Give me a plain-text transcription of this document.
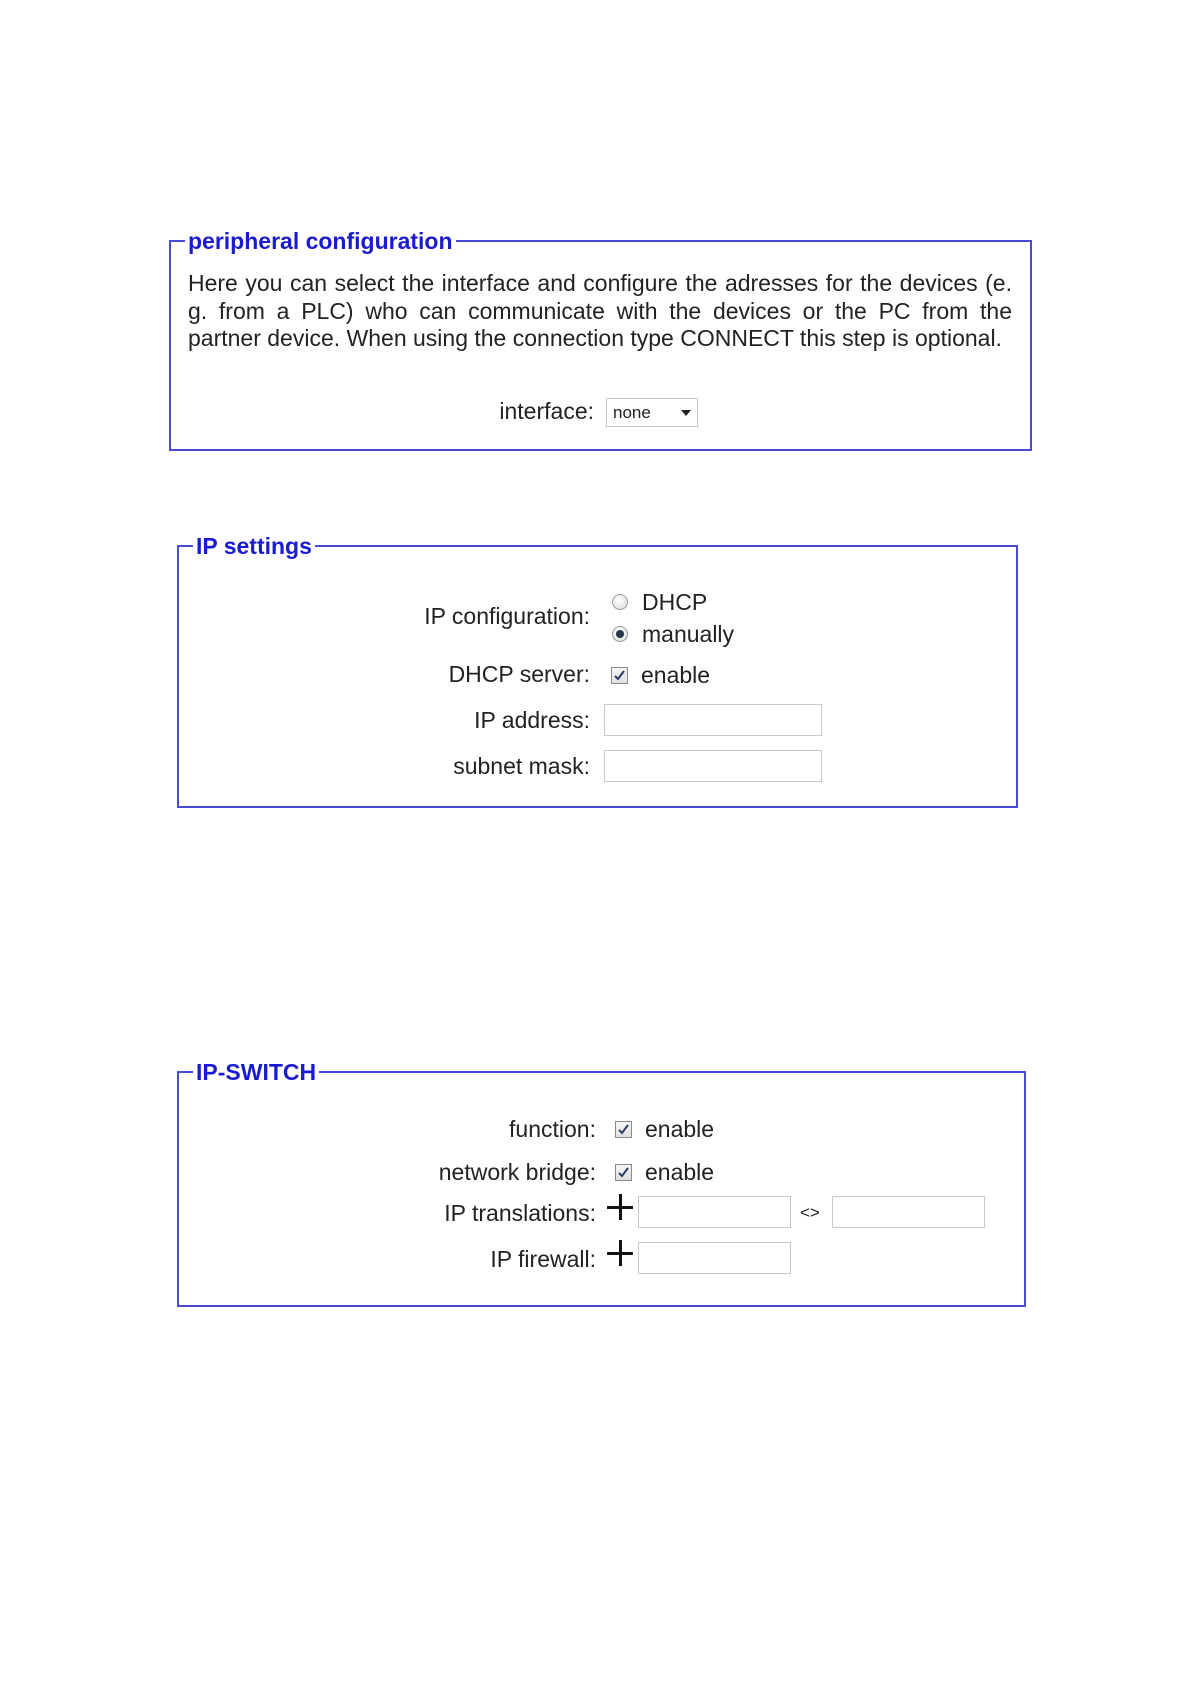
peripheral configuration
Here you can select the interface and configure the adresses for the devices (e. g. from a PLC) who can communicate with the devices or the PC from the partner device. When using the connection type CONNECT this step is optional.
interface:	none
IP settings
IP configuration:
DHCP
manually
DHCP server: enable
IP address:
subnet mask:
IP-SWITCH
function: enable
network bridge: enable
IP translations:	<>
IP firewall:
